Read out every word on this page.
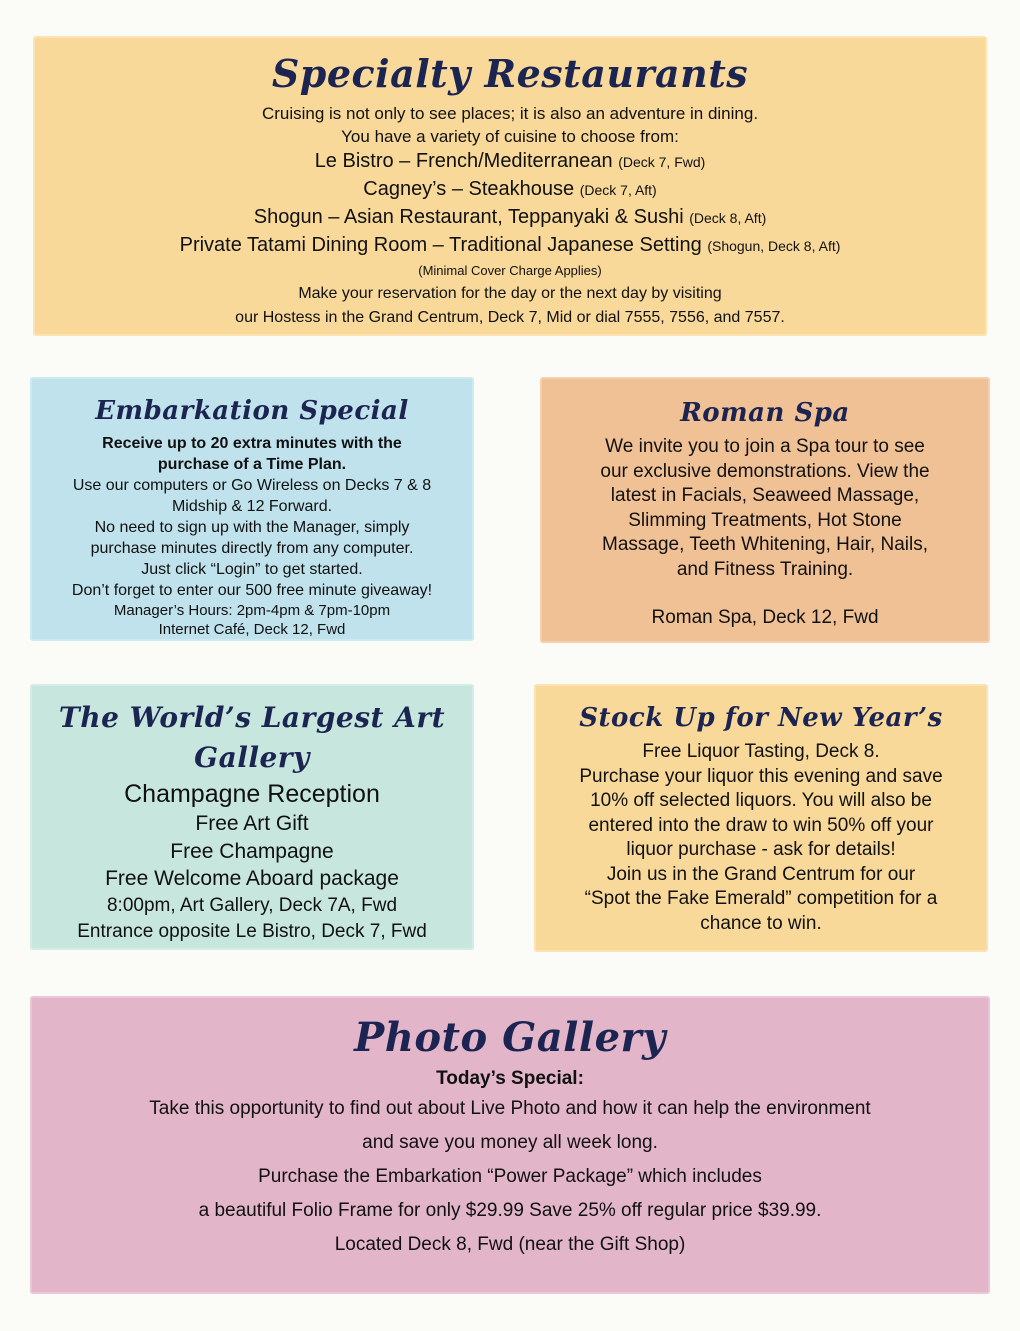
Specialty Restaurants
Cruising is not only to see places; it is also an adventure in dining.
You have a variety of cuisine to choose from:
Le Bistro – French/Mediterranean (Deck 7, Fwd)
Cagney’s – Steakhouse (Deck 7, Aft)
Shogun – Asian Restaurant, Teppanyaki & Sushi (Deck 8, Aft)
Private Tatami Dining Room – Traditional Japanese Setting (Shogun, Deck 8, Aft)
(Minimal Cover Charge Applies)
Make your reservation for the day or the next day by visiting
our Hostess in the Grand Centrum, Deck 7, Mid or dial 7555, 7556, and 7557.
Embarkation Special
Receive up to 20 extra minutes with the
purchase of a Time Plan.
Use our computers or Go Wireless on Decks 7 & 8
Midship & 12 Forward.
No need to sign up with the Manager, simply
purchase minutes directly from any computer.
Just click “Login” to get started.
Don’t forget to enter our 500 free minute giveaway!
Manager’s Hours: 2pm-4pm & 7pm-10pm
Internet Café, Deck 12, Fwd
Roman Spa
We invite you to join a Spa tour to see
our exclusive demonstrations. View the
latest in Facials, Seaweed Massage,
Slimming Treatments, Hot Stone
Massage, Teeth Whitening, Hair, Nails,
and Fitness Training.
Roman Spa, Deck 12, Fwd
The World’s Largest Art
Gallery
Champagne Reception
Free Art Gift
Free Champagne
Free Welcome Aboard package
8:00pm, Art Gallery, Deck 7A, Fwd
Entrance opposite Le Bistro, Deck 7, Fwd
Stock Up for New Year’s
Free Liquor Tasting, Deck 8.
Purchase your liquor this evening and save
10% off selected liquors. You will also be
entered into the draw to win 50% off your
liquor purchase - ask for details!
Join us in the Grand Centrum for our
“Spot the Fake Emerald” competition for a
chance to win.
Photo Gallery
Today’s Special:
Take this opportunity to find out about Live Photo and how it can help the environment
and save you money all week long.
Purchase the Embarkation “Power Package” which includes
a beautiful Folio Frame for only $29.99 Save 25% off regular price $39.99.
Located Deck 8, Fwd (near the Gift Shop)
